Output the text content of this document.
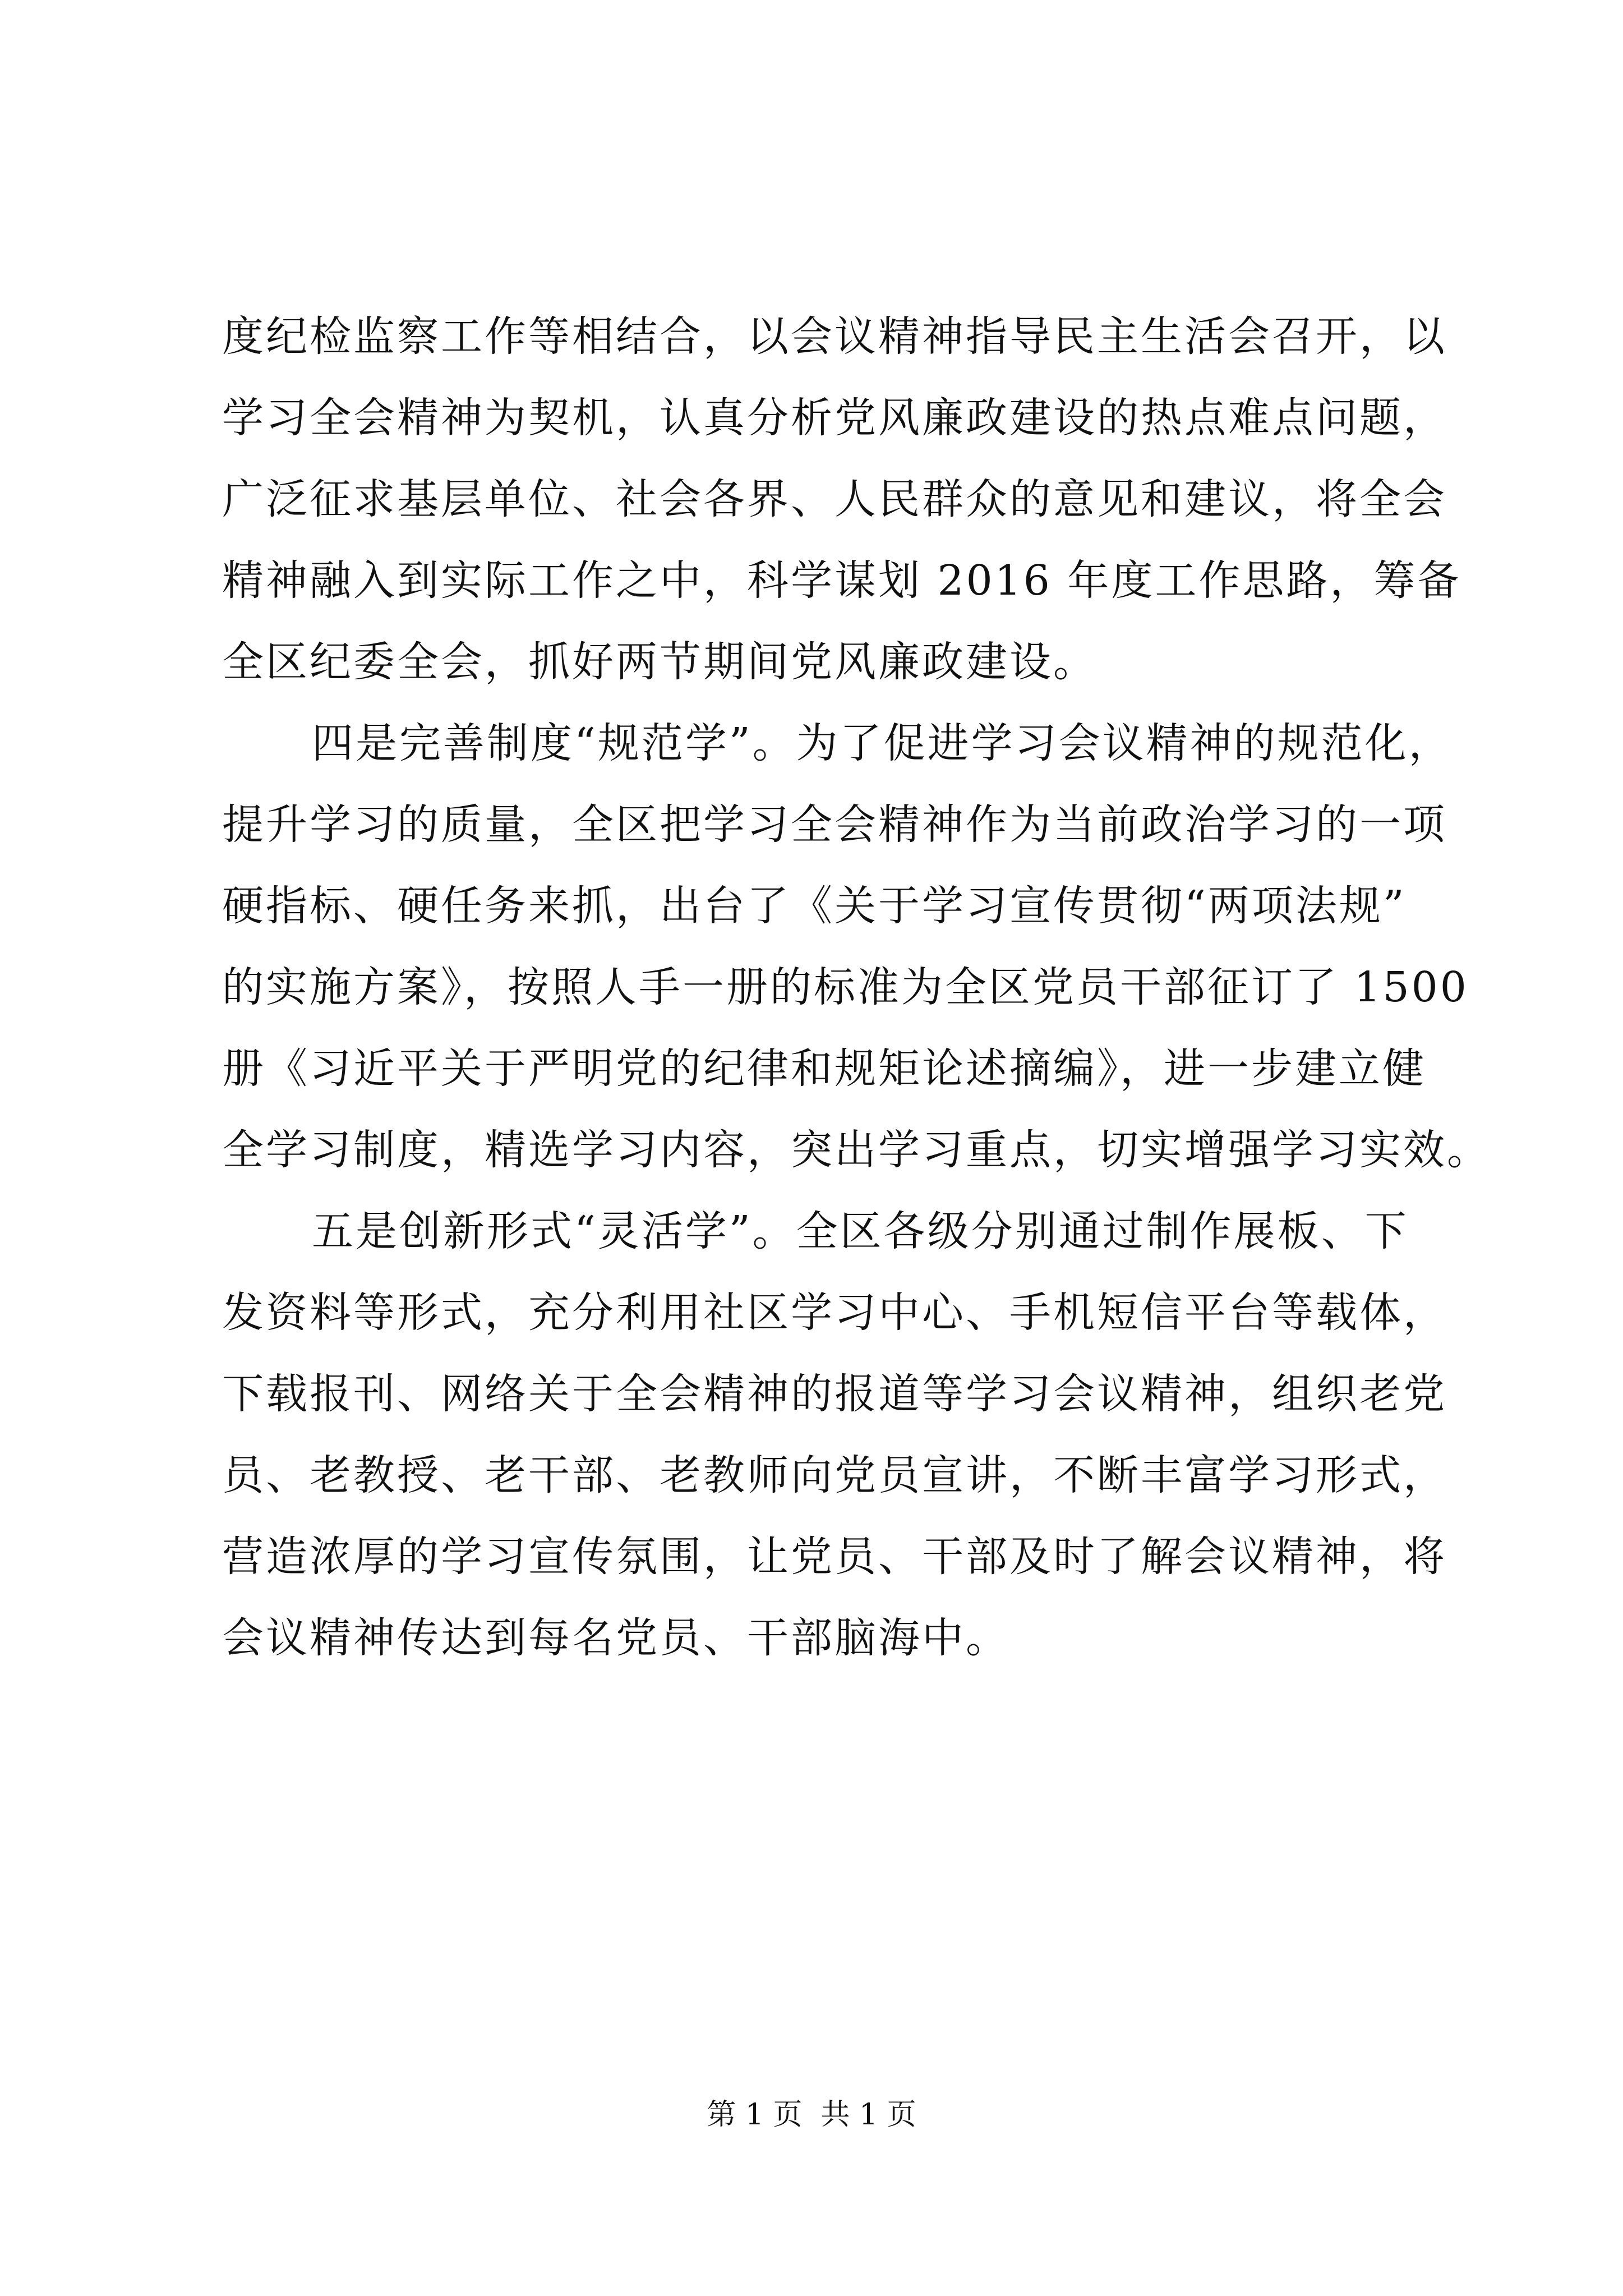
度纪检监察工作等相结合，以会议精神指导民主生活会召开，以
学习全会精神为契机，认真分析党风廉政建设的热点难点问题，
广泛征求基层单位、社会各界、人民群众的意见和建议，将全会
精神融入到实际工作之中，科学谋划 2016 年度工作思路，筹备
全区纪委全会，抓好两节期间党风廉政建设。
四是完善制度“规范学”。为了促进学习会议精神的规范化，
提升学习的质量，全区把学习全会精神作为当前政治学习的一项
硬指标、硬任务来抓，出台了《关于学习宣传贯彻“两项法规”
的实施方案》，按照人手一册的标准为全区党员干部征订了 1500
册《习近平关于严明党的纪律和规矩论述摘编》，进一步建立健
全学习制度，精选学习内容，突出学习重点，切实增强学习实效。
五是创新形式“灵活学”。全区各级分别通过制作展板、下
发资料等形式，充分利用社区学习中心、手机短信平台等载体，
下载报刊、网络关于全会精神的报道等学习会议精神，组织老党
员、老教授、老干部、老教师向党员宣讲，不断丰富学习形式，
营造浓厚的学习宣传氛围，让党员、干部及时了解会议精神，将
会议精神传达到每名党员、干部脑海中。
第 1 页  共 1 页
